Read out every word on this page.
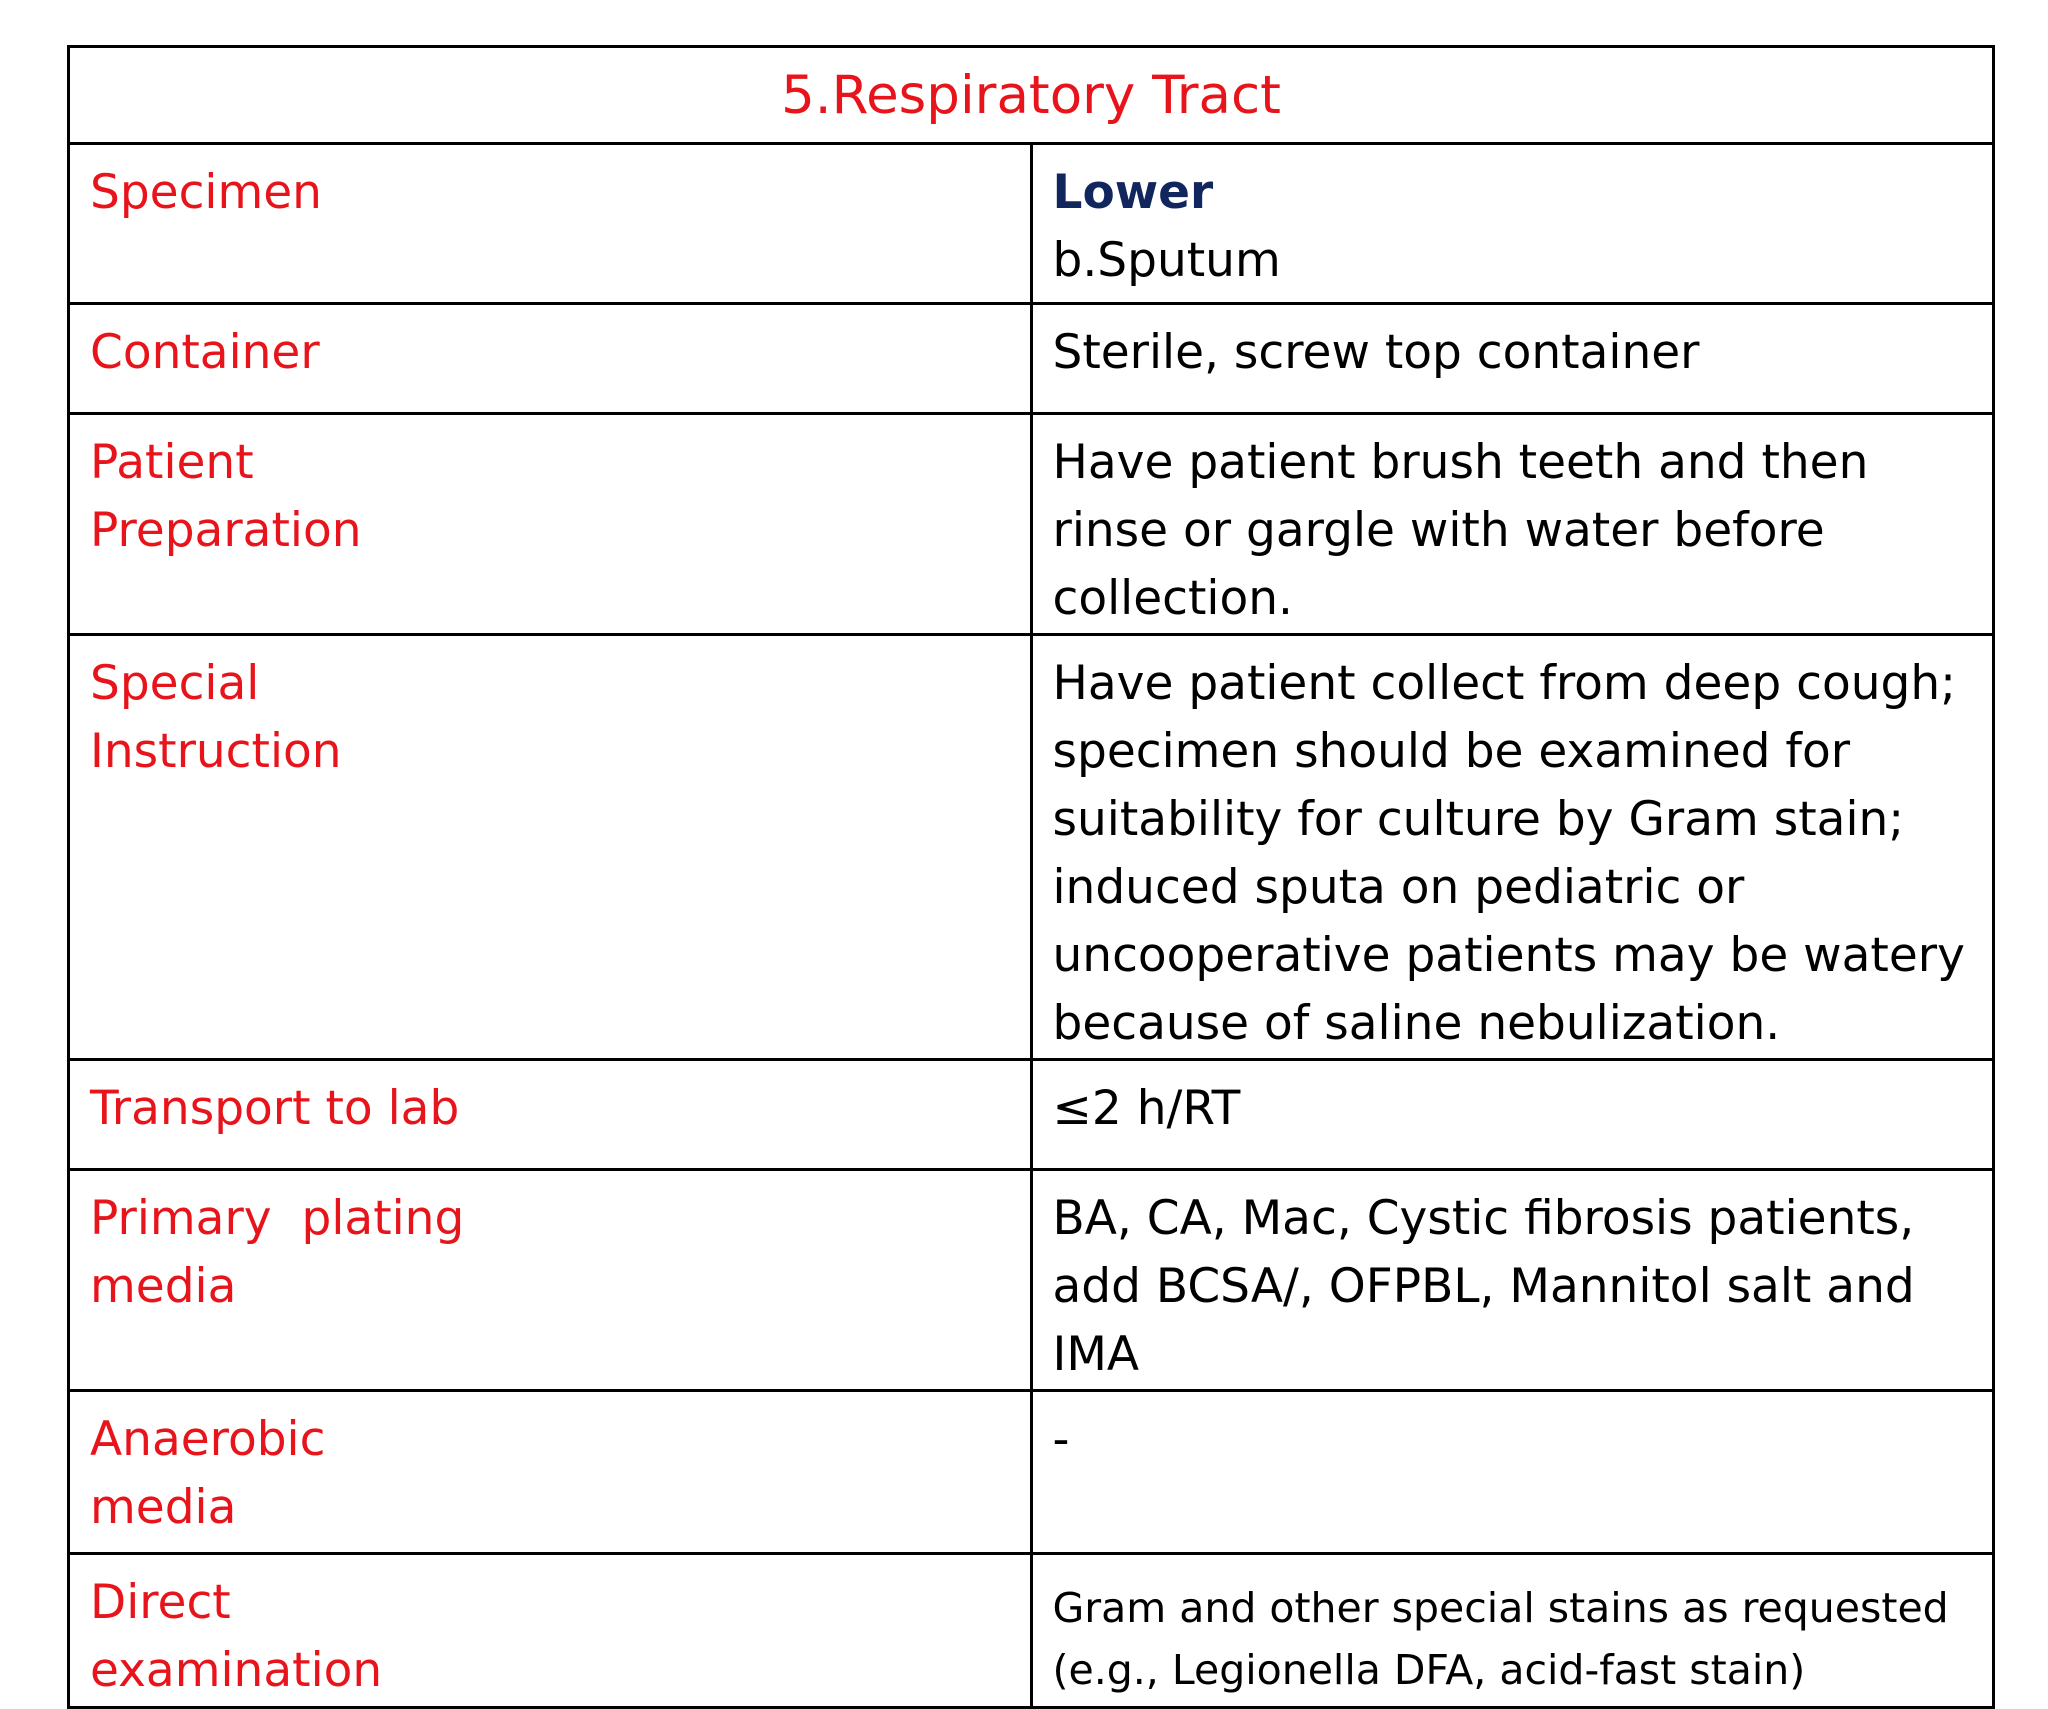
5.Respiratory Tract	

Specimen	Lower
b.Sputum

Container	Sterile, screw top container

Patient
Preparation	Have patient brush teeth and then rinse or gargle with water before collection.

Special
Instruction	Have patient collect from deep cough; specimen should be examined for suitability for culture by Gram stain; induced sputa on pediatric or uncooperative patients may be watery because of saline nebulization.

Transport to lab	≤2 h/RT

Primary  plating
media	BA, CA, Mac, Cystic fibrosis patients, add BCSA/, OFPBL, Mannitol salt and IMA

Anaerobic
media	-

Direct
examination	Gram and other special stains as requested (e.g., Legionella DFA, acid-fast stain)
